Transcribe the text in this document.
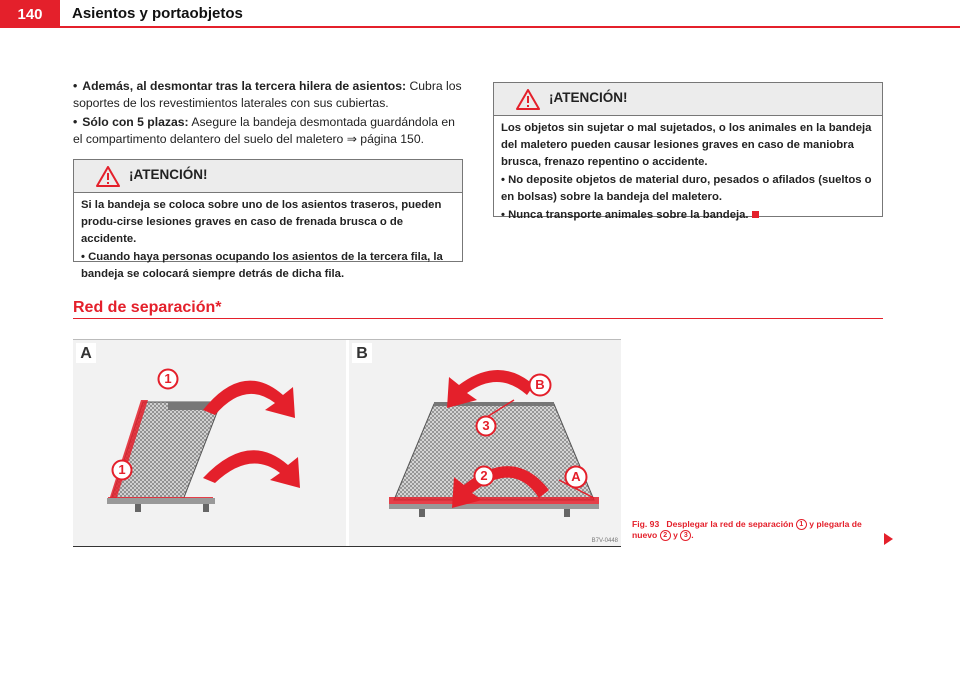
140	Asientos y portaobjetos
• Además, al desmontar tras la tercera hilera de asientos: Cubra los soportes de los revestimientos laterales con sus cubiertas.
• Sólo con 5 plazas: Asegure la bandeja desmontada guardándola en el compartimento delantero del suelo del maletero ⇒ página 150.
¡ATENCIÓN!

Si la bandeja se coloca sobre uno de los asientos traseros, pueden produ-cirse lesiones graves en caso de frenada brusca o de accidente.

• Cuando haya personas ocupando los asientos de la tercera fila, la bandeja se colocará siempre detrás de dicha fila.

¡ATENCIÓN!

Los objetos sin sujetar o mal sujetados, o los animales en la bandeja del maletero pueden causar lesiones graves en caso de maniobra brusca, frenazo repentino o accidente.

• No deposite objetos de material duro, pesados o afilados (sueltos o en bolsas) sobre la bandeja del maletero.

• Nunca transporte animales sobre la bandeja.

Red de separación*
A	B
1
1
B
3
2	A
B7V-0448
Fig. 93 Desplegar la red de separación 1 y plegarla de nuevo 2 y 3 .
